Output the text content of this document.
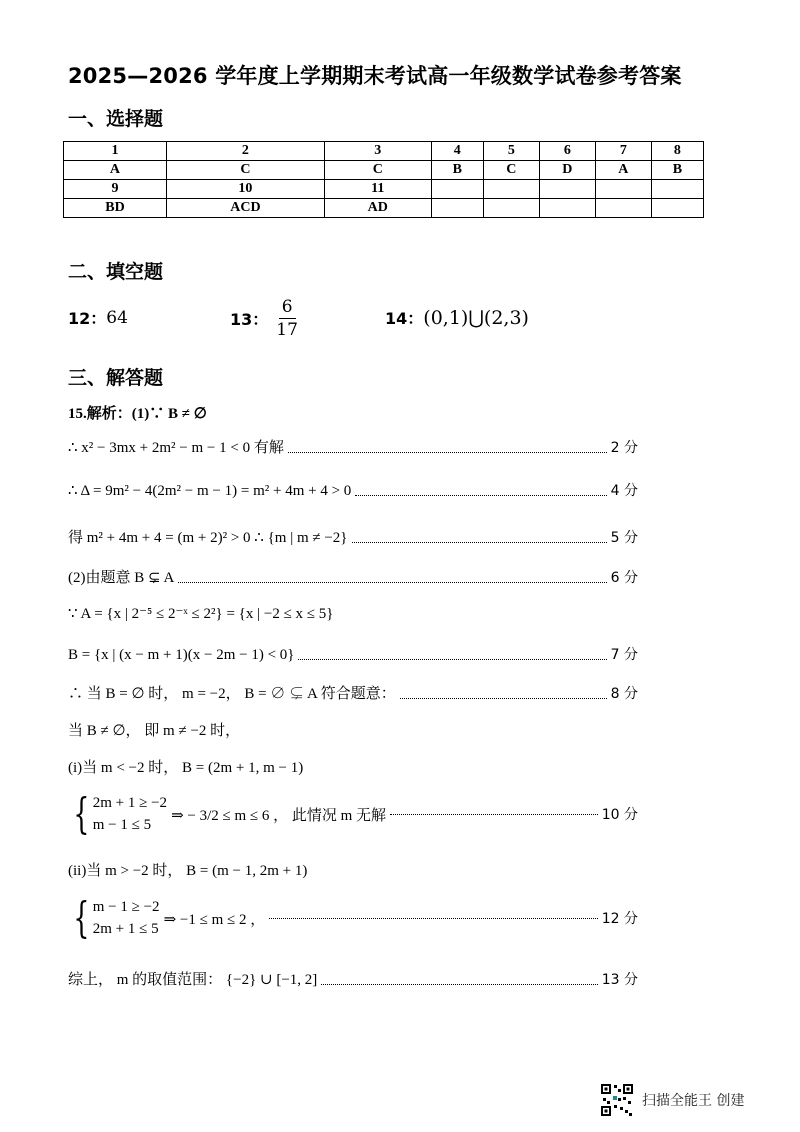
2025—2026 学年度上学期期末考试高一年级数学试卷参考答案
一、选择题
1	2	3	4	5	6	7	8
A	C	C	B	C	D	A	B
9	10	11					
BD	ACD	AD					
二、填空题
12： 64	13： $\frac{6}{17}$	14： (0,1)⋃(2,3)
三、解答题
15.解析：(1)∵ B ≠ ∅
∴ x² − 3mx + 2m² − m − 1 < 0 有解	2 分
∴ Δ = 9m² − 4(2m² − m − 1) = m² + 4m + 4 > 0	4 分
得 m² + 4m + 4 = (m + 2)² > 0 ∴ {m | m ≠ −2}	5 分
(2)由题意 B ⊊ A	6 分
∵ A = {x | 2⁻⁵ ≤ 2⁻ˣ ≤ 2²} = {x | −2 ≤ x ≤ 5}
B = {x | (x − m + 1)(x − 2m − 1) < 0}	7 分
∴ 当 B = ∅ 时， m = −2， B = ∅ ⊊ A 符合题意：	8 分
当 B ≠ ∅， 即 m ≠ −2 时，
(i)当 m < −2 时， B = (2m + 1, m − 1)
{ 2m + 1 ≥ −2
m − 1 ≤ 5
⇒ − 3/2 ≤ m ≤ 6 ， 此情况 m 无解	10 分
(ii)当 m > −2 时， B = (m − 1, 2m + 1)
{ m − 1 ≥ −2
2m + 1 ≤ 5
⇒ −1 ≤ m ≤ 2 ，	12 分
综上， m 的取值范围： {−2} ∪ [−1, 2]	13 分
扫描全能王 创建
